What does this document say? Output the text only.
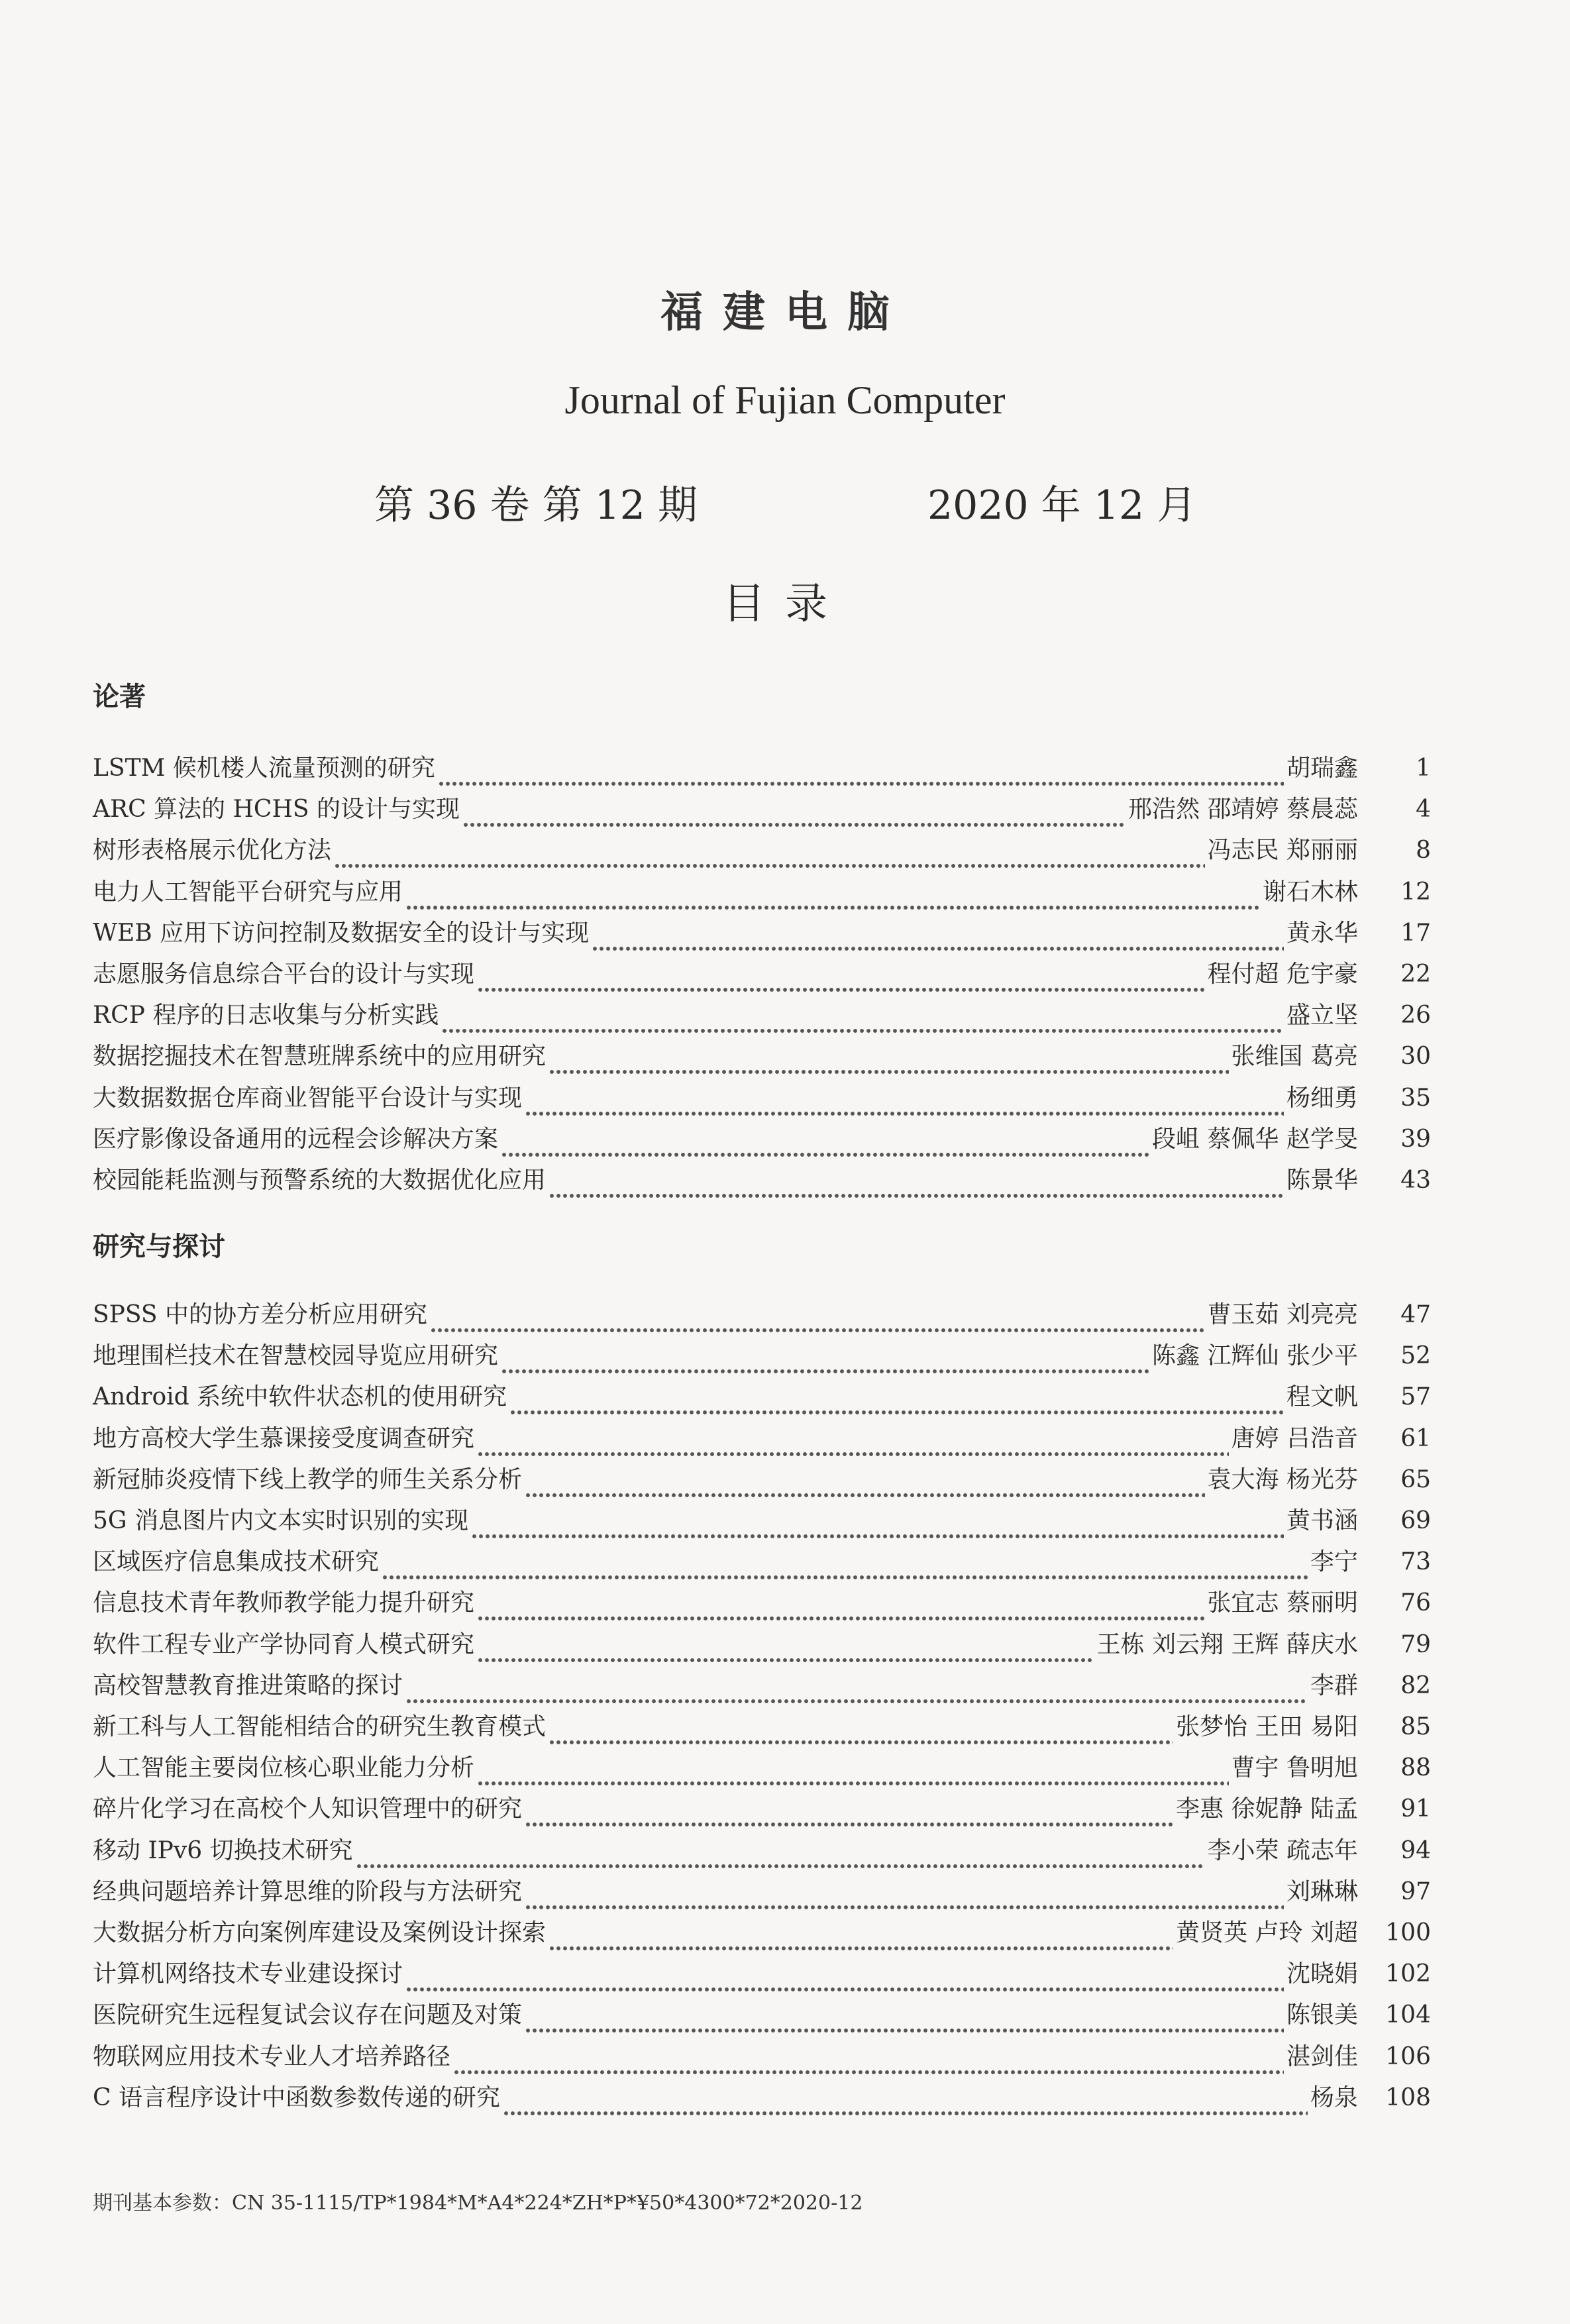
福建电脑
Journal of Fujian Computer
第 36 卷 第 12 期	2020 年 12 月
目录
论著
LSTM 候机楼人流量预测的研究	胡瑞鑫	1
ARC 算法的 HCHS 的设计与实现	邢浩然 邵靖婷 蔡晨蕊	4
树形表格展示优化方法	冯志民 郑丽丽	8
电力人工智能平台研究与应用	谢石木林	12
WEB 应用下访问控制及数据安全的设计与实现	黄永华	17
志愿服务信息综合平台的设计与实现	程付超 危宇豪	22
RCP 程序的日志收集与分析实践	盛立坚	26
数据挖掘技术在智慧班牌系统中的应用研究	张维国 葛亮	30
大数据数据仓库商业智能平台设计与实现	杨细勇	35
医疗影像设备通用的远程会诊解决方案	段岨 蔡佩华 赵学旻	39
校园能耗监测与预警系统的大数据优化应用	陈景华	43
研究与探讨
SPSS 中的协方差分析应用研究	曹玉茹 刘亮亮	47
地理围栏技术在智慧校园导览应用研究	陈鑫 江辉仙 张少平	52
Android 系统中软件状态机的使用研究	程文帆	57
地方高校大学生慕课接受度调查研究	唐婷 吕浩音	61
新冠肺炎疫情下线上教学的师生关系分析	袁大海 杨光芬	65
5G 消息图片内文本实时识别的实现	黄书涵	69
区域医疗信息集成技术研究	李宁	73
信息技术青年教师教学能力提升研究	张宜志 蔡丽明	76
软件工程专业产学协同育人模式研究	王栋 刘云翔 王辉 薛庆水	79
高校智慧教育推进策略的探讨	李群	82
新工科与人工智能相结合的研究生教育模式	张梦怡 王田 易阳	85
人工智能主要岗位核心职业能力分析	曹宇 鲁明旭	88
碎片化学习在高校个人知识管理中的研究	李惠 徐妮静 陆孟	91
移动 IPv6 切换技术研究	李小荣 疏志年	94
经典问题培养计算思维的阶段与方法研究	刘琳琳	97
大数据分析方向案例库建设及案例设计探索	黄贤英 卢玲 刘超	100
计算机网络技术专业建设探讨	沈晓娟	102
医院研究生远程复试会议存在问题及对策	陈银美	104
物联网应用技术专业人才培养路径	湛剑佳	106
C 语言程序设计中函数参数传递的研究	杨泉	108
期刊基本参数：CN 35-1115/TP*1984*M*A4*224*ZH*P*¥50*4300*72*2020-12
